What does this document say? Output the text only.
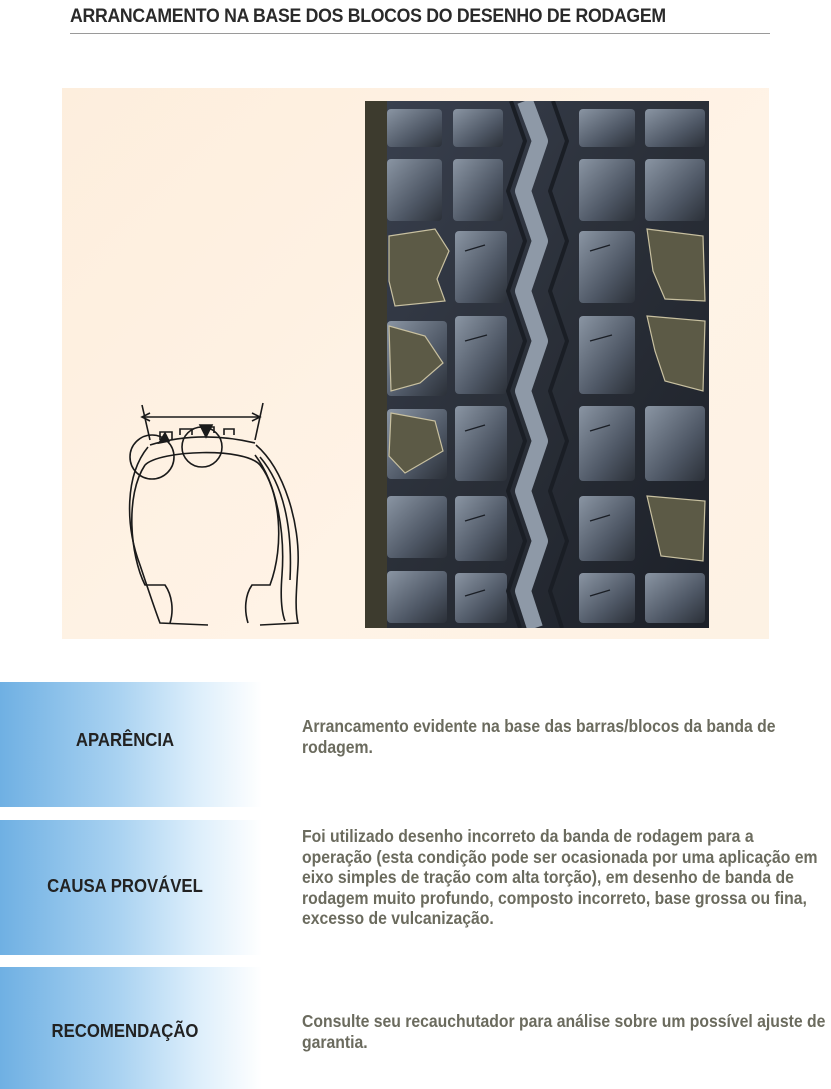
ARRANCAMENTO NA BASE DOS BLOCOS DO DESENHO DE RODAGEM
APARÊNCIA
Arrancamento evidente na base das barras/blocos da banda de rodagem.
CAUSA PROVÁVEL
Foi utilizado desenho incorreto da banda de rodagem para a operação (esta condição pode ser ocasionada por uma aplicação em eixo simples de tração com alta torção), em desenho de banda de rodagem muito profundo, composto incorreto, base grossa ou fina, excesso de vulcanização.
RECOMENDAÇÃO	Consulte seu recauchutador para análise sobre um possível ajuste de garantia.
